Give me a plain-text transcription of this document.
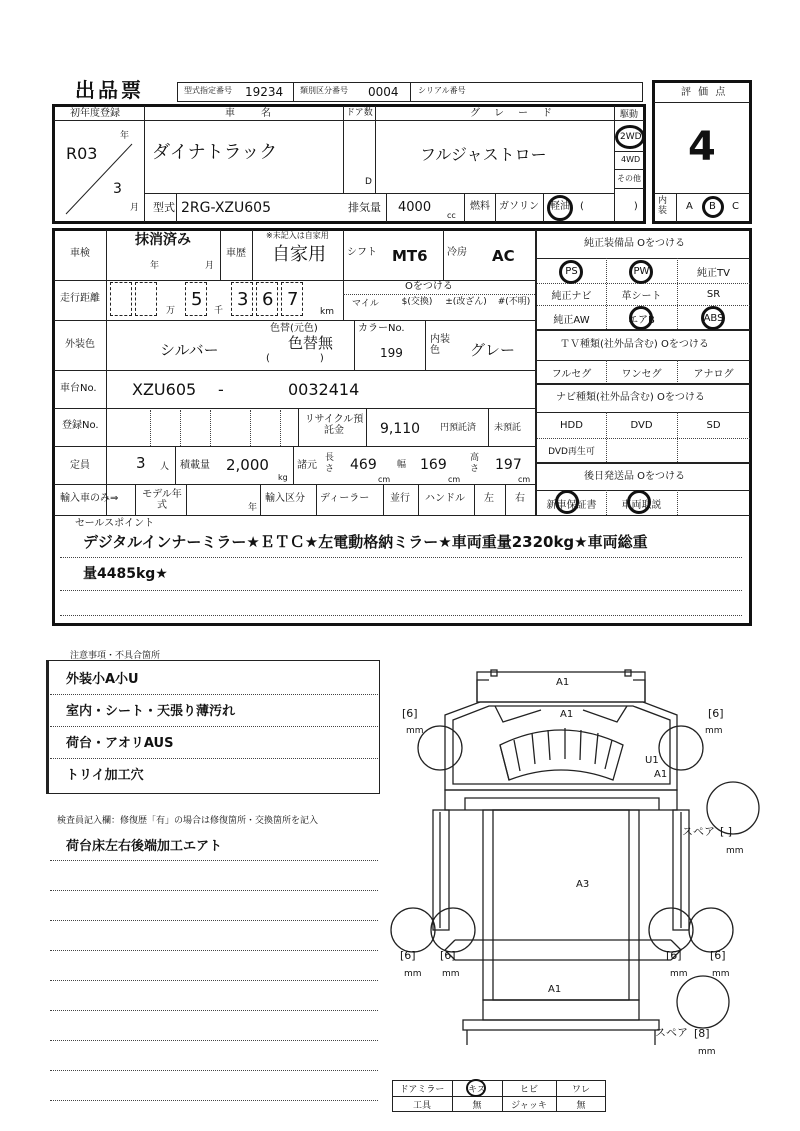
出品票	型式指定番号 19234 類別区分番号 0004 シリアル番号
初年度登録
年
R03
3
月
車　　名
ダイナトラック
ドア数
D
グ　レ　ー　ド
フルジャストロー
駆動
2WD
4WD
その他
型式 2RG-XZU605	排気量 4000
cc
燃料 ガソリン 軽油 (　　　　　)
評 価 点
4
内装	A B C
車検
抹消済み
年	月
車歴
※未記入は自家用
自家用 シフト MT6 冷房 AC
走行距離
万
5
千
3 6 7
km
Oをつける
マイル	$(交換)	±(改ざん)	#(不明)
外装色	シルバー
色替(元色)
色替無
(　　　　　)
カラーNo.
199
内装色	グレー
車台No. XZU605 -	0032414
登録No.
リサイクル預託金	9,110 円預託済 未預託
定員	3 人 積載量 2,000
kg
諸元
長さ 469
cm
幅 169
cm
高さ 197
cm
輸入車のみ⇒ モデル年式	年
輸入区分 ディーラー 並行 ハンドル 左 右
純正装備品 Oをつける
PS	PW	純正TV
純正ナビ	革シート	SR
純正AW	エアB	ABS
ＴＶ種類(社外品含む) Oをつける
フルセグ	ワンセグ	アナログ
ナビ種類(社外品含む) Oをつける
HDD	DVD	SD
DVD再生可
後日発送品 Oをつける
新車保証書	車両取説
セールスポイント
デジタルインナーミラー★ＥＴＣ★左電動格納ミラー★車両重量2320kg★車両総重
量4485kg★
注意事項・不具合箇所
外装小A小U
室内・シート・天張り薄汚れ
荷台・アオリAUS
トリイ加工穴
検査員記入欄：修復歴「有」の場合は修復箇所・交換箇所を記入
荷台床左右後端加工エアト
A1
A1
U1
A1
A3
A1
[6]
mm
[6]
mm
スペア [ ]
mm
[6]
mm
[6]
mm
[6]
mm
[6]
mm
スペア [8]
mm
ドアミラー	キズ	ヒビ	ワレ
工具	無	ジャッキ	無
